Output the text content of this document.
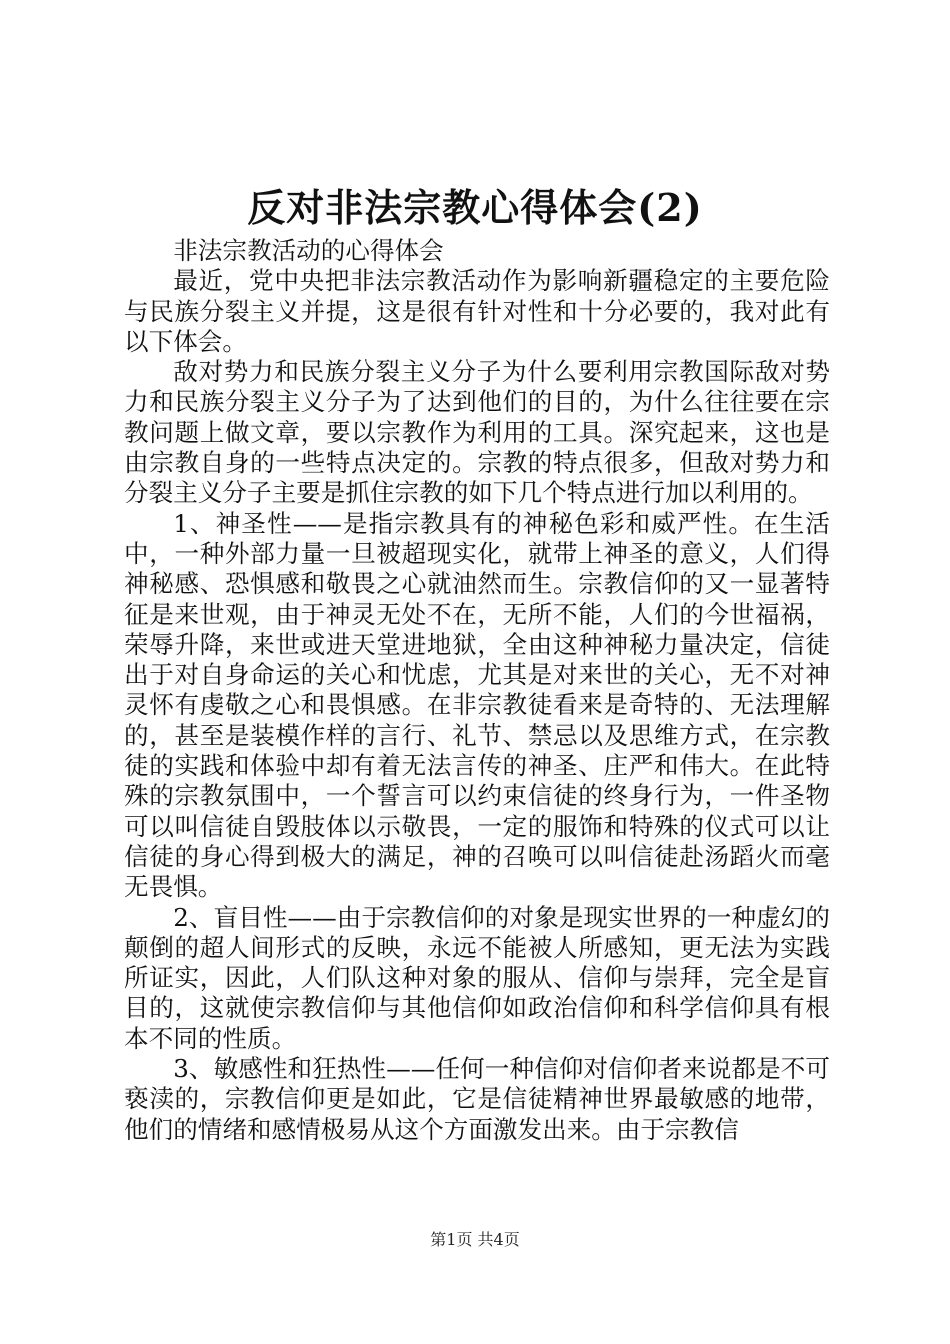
反对非法宗教心得体会(2)

非法宗教活动的心得体会

最近，党中央把非法宗教活动作为影响新疆稳定的主要危险与民族分裂主义并提，这是很有针对性和十分必要的，我对此有以下体会。

敌对势力和民族分裂主义分子为什么要利用宗教国际敌对势力和民族分裂主义分子为了达到他们的目的，为什么往往要在宗教问题上做文章，要以宗教作为利用的工具。深究起来，这也是由宗教自身的一些特点决定的。宗教的特点很多，但敌对势力和分裂主义分子主要是抓住宗教的如下几个特点进行加以利用的。

1、神圣性——是指宗教具有的神秘色彩和威严性。在生活中，一种外部力量一旦被超现实化，就带上神圣的意义，人们得神秘感、恐惧感和敬畏之心就油然而生。宗教信仰的又一显著特征是来世观，由于神灵无处不在，无所不能，人们的今世福祸，荣辱升降，来世或进天堂进地狱，全由这种神秘力量决定，信徒出于对自身命运的关心和忧虑，尤其是对来世的关心，无不对神灵怀有虔敬之心和畏惧感。在非宗教徒看来是奇特的、无法理解的，甚至是装模作样的言行、礼节、禁忌以及思维方式，在宗教徒的实践和体验中却有着无法言传的神圣、庄严和伟大。在此特殊的宗教氛围中，一个誓言可以约束信徒的终身行为，一件圣物可以叫信徒自毁肢体以示敬畏，一定的服饰和特殊的仪式可以让信徒的身心得到极大的满足，神的召唤可以叫信徒赴汤蹈火而毫无畏惧。

2、盲目性——由于宗教信仰的对象是现实世界的一种虚幻的颠倒的超人间形式的反映，永远不能被人所感知，更无法为实践所证实，因此，人们队这种对象的服从、信仰与崇拜，完全是盲目的，这就使宗教信仰与其他信仰如政治信仰和科学信仰具有根本不同的性质。

3、敏感性和狂热性——任何一种信仰对信仰者来说都是不可亵渎的，宗教信仰更是如此，它是信徒精神世界最敏感的地带，他们的情绪和感情极易从这个方面激发出来。由于宗教信

第1页 共4页
